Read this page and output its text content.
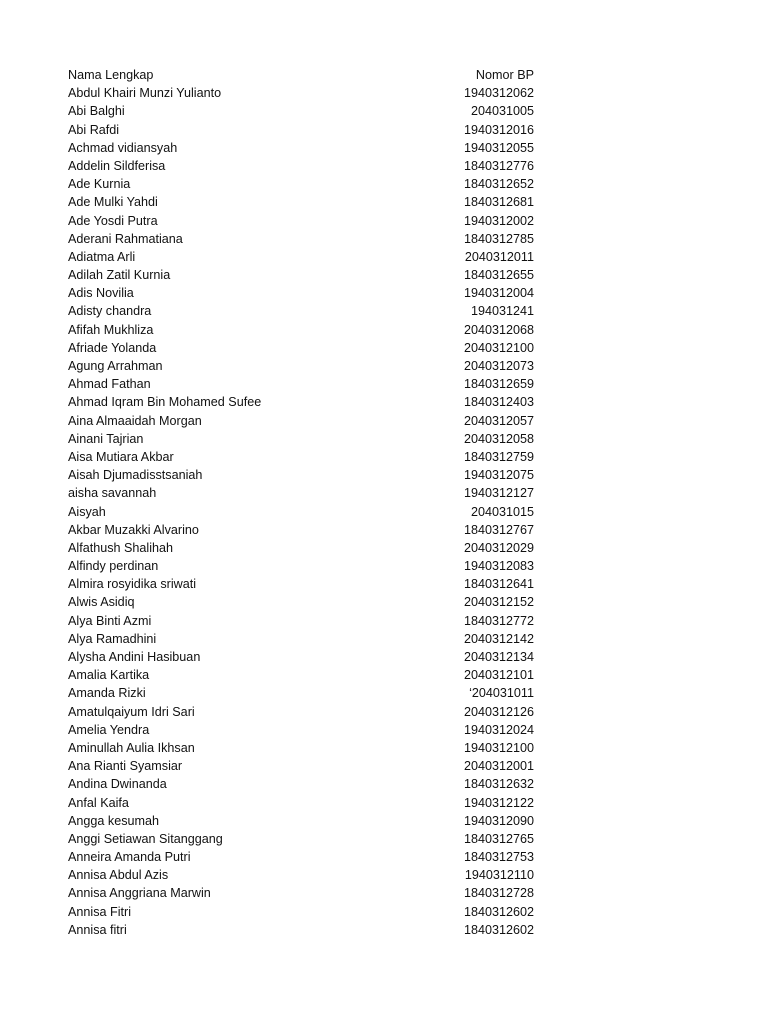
Nama Lengkap	Nomor BP
Abdul Khairi Munzi Yulianto	1940312062
Abi Balghi	204031005
Abi Rafdi	1940312016
Achmad vidiansyah	1940312055
Addelin Sildferisa	1840312776
Ade Kurnia	1840312652
Ade Mulki Yahdi	1840312681
Ade Yosdi Putra	1940312002
Aderani Rahmatiana	1840312785
Adiatma Arli	2040312011
Adilah Zatil Kurnia	1840312655
Adis Novilia	1940312004
Adisty chandra	194031241
Afifah Mukhliza	2040312068
Afriade Yolanda	2040312100
Agung Arrahman	2040312073
Ahmad Fathan	1840312659
Ahmad Iqram Bin Mohamed Sufee	1840312403
Aina Almaaidah Morgan	2040312057
Ainani Tajrian	2040312058
Aisa Mutiara Akbar	1840312759
Aisah Djumadisstsaniah	1940312075
aisha savannah	1940312127
Aisyah	204031015
Akbar Muzakki Alvarino	1840312767
Alfathush Shalihah	2040312029
Alfindy perdinan	1940312083
Almira rosyidika sriwati	1840312641
Alwis Asidiq	2040312152
Alya Binti Azmi	1840312772
Alya Ramadhini	2040312142
Alysha Andini Hasibuan	2040312134
Amalia Kartika	2040312101
Amanda Rizki	‘204031011
Amatulqaiyum Idri Sari	2040312126
Amelia Yendra	1940312024
Aminullah Aulia Ikhsan	1940312100
Ana Rianti Syamsiar	2040312001
Andina Dwinanda	1840312632
Anfal Kaifa	1940312122
Angga kesumah	1940312090
Anggi Setiawan Sitanggang	1840312765
Anneira Amanda Putri	1840312753
Annisa Abdul Azis	1940312110
Annisa Anggriana Marwin	1840312728
Annisa Fitri	1840312602
Annisa fitri	1840312602
